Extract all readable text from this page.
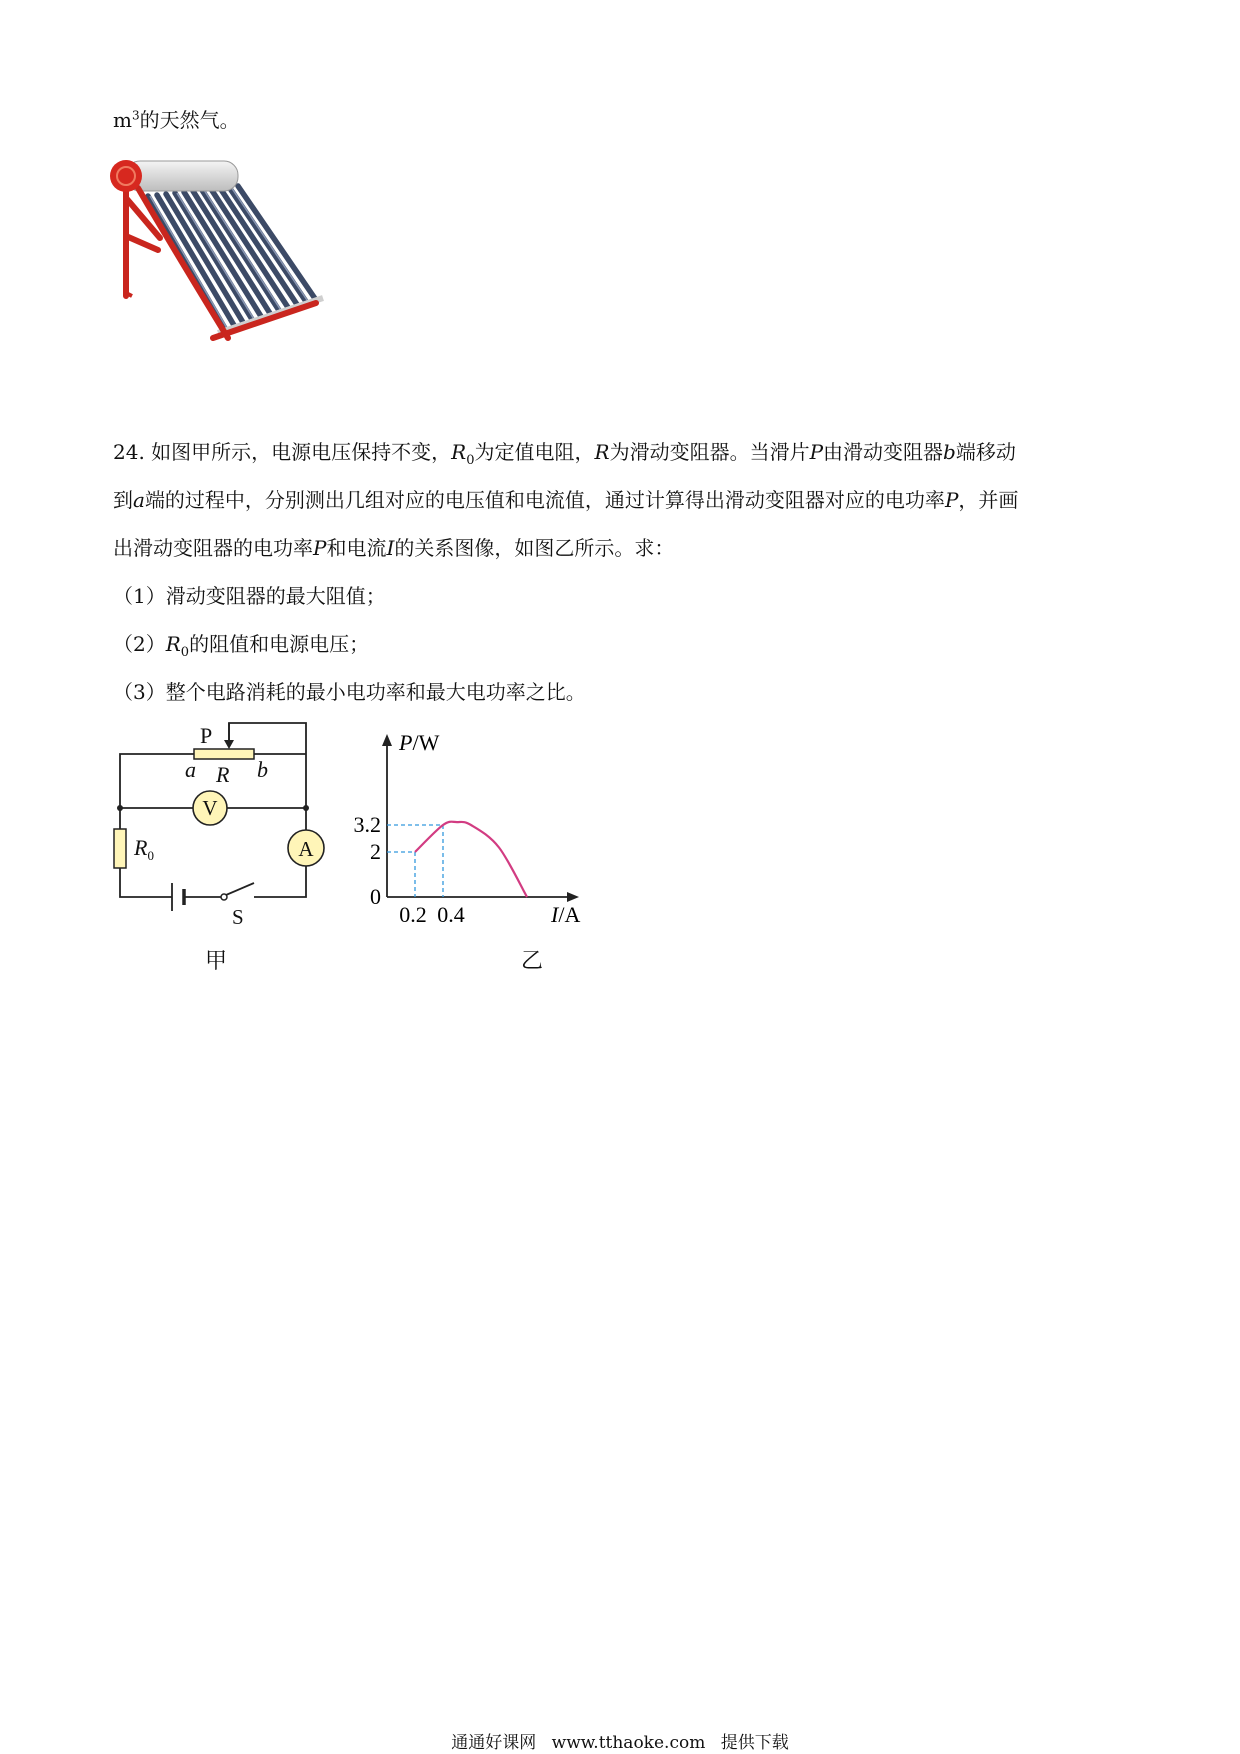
$m^3$的天然气。
24. 如图甲所示，电源电压保持不变，$R_0$为定值电阻，R为滑动变阻器。当滑片P由滑动变阻器b端移动
到a端的过程中，分别测出几组对应的电压值和电流值，通过计算得出滑动变阻器对应的电功率P，并画
出滑动变阻器的电功率P和电流I的关系图像，如图乙所示。求：
（1）滑动变阻器的最大阻值；
$(2)R_0$的阻值和电源电压；
（3）整个电路消耗的最小电功率和最大电功率之比。
P
a R b
V
A
$R_0$
S
甲
3.2
2
0.2 0.4
0
P/W
I/A
乙
通通好课网 www.tthaoke.com 提供下载
